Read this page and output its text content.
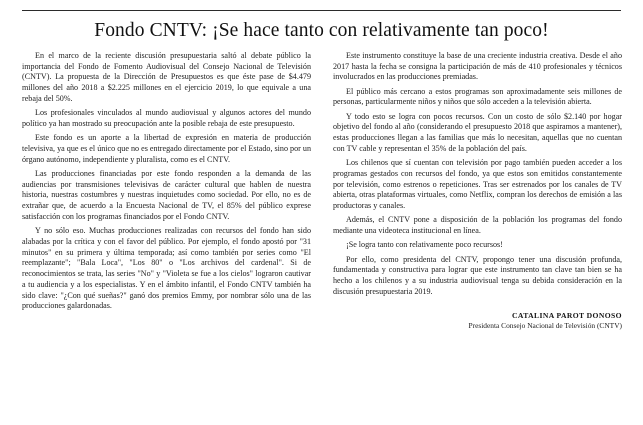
Fondo CNTV: ¡Se hace tanto con relativamente tan poco!

En el marco de la reciente discusión presupuestaria saltó al debate público la importancia del Fondo de Fomento Audiovisual del Consejo Nacional de Televisión (CNTV). La propuesta de la Dirección de Presupuestos es que éste pase de $4.479 millones del año 2018 a $2.225 millones en el ejercicio 2019, lo que equivale a una rebaja del 50%.

Los profesionales vinculados al mundo audiovisual y algunos actores del mundo político ya han mostrado su preocupación ante la posible rebaja de este presupuesto.

Este fondo es un aporte a la libertad de expresión en materia de producción televisiva, ya que es el único que no es entregado directamente por el Estado, sino por un órgano autónomo, independiente y pluralista, como es el CNTV.

Las producciones financiadas por este fondo responden a la demanda de las audiencias por transmisiones televisivas de carácter cultural que hablen de nuestra historia, nuestras costumbres y nuestras inquietudes como sociedad. Por ello, no es de extrañar que, de acuerdo a la Encuesta Nacional de TV, el 85% del público exprese satisfacción con los programas financiados por el Fondo CNTV.

Y no sólo eso. Muchas producciones realizadas con recursos del fondo han sido alabadas por la crítica y con el favor del público. Por ejemplo, el fondo apostó por "31 minutos" en su primera y última temporada; así como también por series como "El reemplazante"; "Bala Loca", "Los 80" o "Los archivos del cardenal". Si de reconocimientos se trata, las series "No" y "Violeta se fue a los cielos" lograron cautivar a tu audiencia y a los especialistas. Y en el ámbito infantil, el Fondo CNTV también ha sido clave: "¿Con qué sueñas?" ganó dos premios Emmy, por nombrar sólo una de las producciones galardonadas.

Este instrumento constituye la base de una creciente industria creativa. Desde el año 2017 hasta la fecha se consigna la participación de más de 410 profesionales y técnicos involucrados en las producciones premiadas.

El público más cercano a estos programas son aproximadamente seis millones de personas, particularmente niños y niños que sólo acceden a la televisión abierta.

Y todo esto se logra con pocos recursos. Con un costo de sólo $2.140 por hogar objetivo del fondo al año (considerando el presupuesto 2018 que aspiramos a mantener), estas producciones llegan a las familias que más lo necesitan, aquellas que no cuentan con TV cable y representan el 35% de la población del país.

Los chilenos que sí cuentan con televisión por pago también pueden acceder a los programas gestados con recursos del fondo, ya que estos son emitidos constantemente por televisión, como estrenos o repeticiones. Tras ser estrenados por los canales de TV abierta, otras plataformas virtuales, como Netflix, compran los derechos de emisión a las productoras y canales.

Además, el CNTV pone a disposición de la población los programas del fondo mediante una videoteca institucional en línea.

¡Se logra tanto con relativamente poco recursos!

Por ello, como presidenta del CNTV, propongo tener una discusión profunda, fundamentada y constructiva para lograr que este instrumento tan clave tan bien se ha hecho a los chilenos y a su industria audiovisual tenga su debida consideración en la discusión presupuestaria 2019.

CATALINA PAROT DONOSO

Presidenta Consejo Nacional de Televisión (CNTV)
